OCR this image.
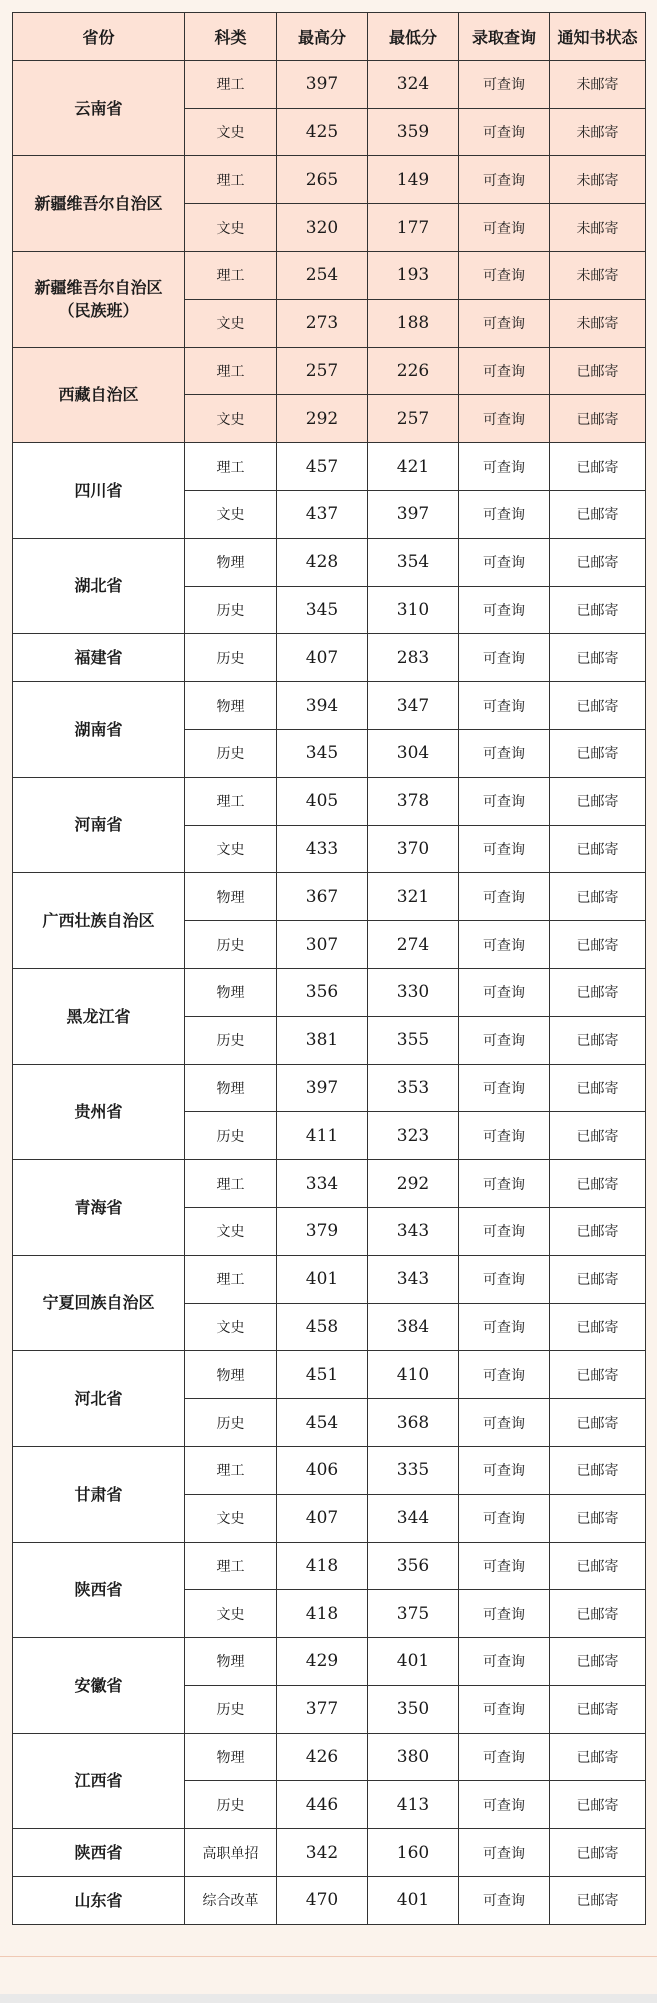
省份	科类	最高分	最低分	录取查询	通知书状态

云南省	理工	397	324	可查询	未邮寄
	文史	425	359	可查询	未邮寄

新疆维吾尔自治区	理工	265	149	可查询	未邮寄
	文史	320	177	可查询	未邮寄

新疆维吾尔自治区
（民族班）	理工	254	193	可查询	未邮寄
	文史	273	188	可查询	未邮寄

西藏自治区	理工	257	226	可查询	已邮寄
	文史	292	257	可查询	已邮寄

四川省	理工	457	421	可查询	已邮寄
	文史	437	397	可查询	已邮寄

湖北省	物理	428	354	可查询	已邮寄
	历史	345	310	可查询	已邮寄

福建省	历史	407	283	可查询	已邮寄

湖南省	物理	394	347	可查询	已邮寄
	历史	345	304	可查询	已邮寄

河南省	理工	405	378	可查询	已邮寄
	文史	433	370	可查询	已邮寄

广西壮族自治区	物理	367	321	可查询	已邮寄
	历史	307	274	可查询	已邮寄

黑龙江省	物理	356	330	可查询	已邮寄
	历史	381	355	可查询	已邮寄

贵州省	物理	397	353	可查询	已邮寄
	历史	411	323	可查询	已邮寄

青海省	理工	334	292	可查询	已邮寄
	文史	379	343	可查询	已邮寄

宁夏回族自治区	理工	401	343	可查询	已邮寄
	文史	458	384	可查询	已邮寄

河北省	物理	451	410	可查询	已邮寄
	历史	454	368	可查询	已邮寄

甘肃省	理工	406	335	可查询	已邮寄
	文史	407	344	可查询	已邮寄

陕西省	理工	418	356	可查询	已邮寄
	文史	418	375	可查询	已邮寄

安徽省	物理	429	401	可查询	已邮寄
	历史	377	350	可查询	已邮寄

江西省	物理	426	380	可查询	已邮寄
	历史	446	413	可查询	已邮寄

陕西省	高职单招	342	160	可查询	已邮寄

山东省	综合改革	470	401	可查询	已邮寄
